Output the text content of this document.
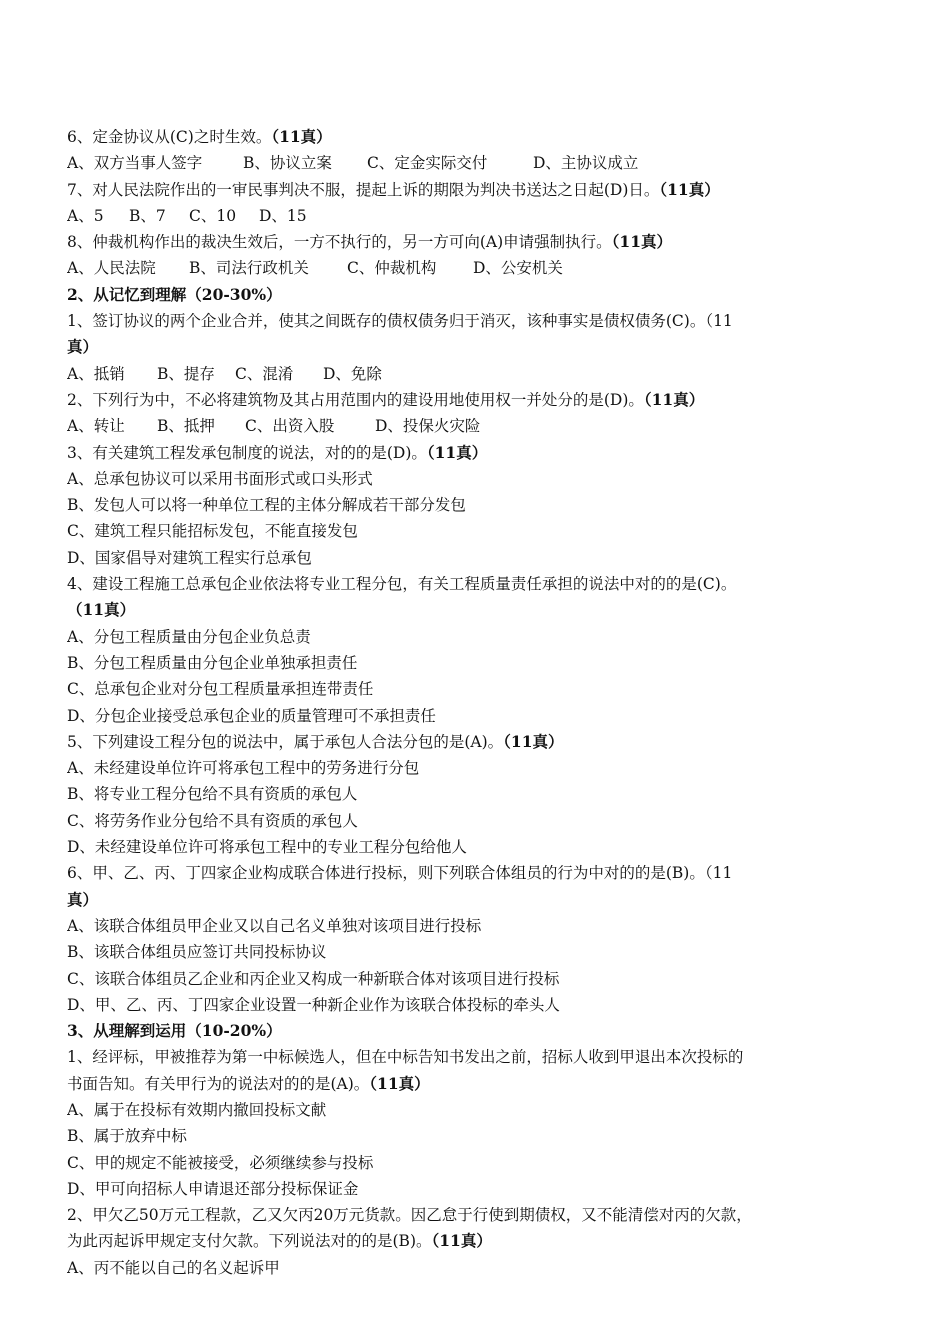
6、定金协议从(C)之时生效。（11真）
A、双方当事人签字	B、协议立案 C、定金实际交付	D、主协议成立
7、对人民法院作出的一审民事判决不服，提起上诉的期限为判决书送达之日起(D)日。（11真）
A、5 B、7 C、10 D、15
8、仲裁机构作出的裁决生效后，一方不执行的，另一方可向(A)申请强制执行。（11真）
A、人民法院 B、司法行政机关 C、仲裁机构 D、公安机关
2、从记忆到理解（20-30%）
1、签订协议的两个企业合并，使其之间既存的债权债务归于消灭，该种事实是债权债务(C)。（11
真）
A、抵销 B、提存 C、混淆 D、免除
2、下列行为中，不必将建筑物及其占用范围内的建设用地使用权一并处分的是(D)。（11真）
A、转让 B、抵押 C、出资入股	D、投保火灾险
3、有关建筑工程发承包制度的说法，对的的是(D)。（11真）
A、总承包协议可以采用书面形式或口头形式
B、发包人可以将一种单位工程的主体分解成若干部分发包
C、建筑工程只能招标发包，不能直接发包
D、国家倡导对建筑工程实行总承包
4、建设工程施工总承包企业依法将专业工程分包，有关工程质量责任承担的说法中对的的是(C)。
（11真）
A、分包工程质量由分包企业负总责
B、分包工程质量由分包企业单独承担责任
C、总承包企业对分包工程质量承担连带责任
D、分包企业接受总承包企业的质量管理可不承担责任
5、下列建设工程分包的说法中，属于承包人合法分包的是(A)。（11真）
A、未经建设单位许可将承包工程中的劳务进行分包
B、将专业工程分包给不具有资质的承包人
C、将劳务作业分包给不具有资质的承包人
D、未经建设单位许可将承包工程中的专业工程分包给他人
6、甲、乙、丙、丁四家企业构成联合体进行投标，则下列联合体组员的行为中对的的是(B)。（11
真）
A、该联合体组员甲企业又以自己名义单独对该项目进行投标
B、该联合体组员应签订共同投标协议
C、该联合体组员乙企业和丙企业又构成一种新联合体对该项目进行投标
D、甲、乙、丙、丁四家企业设置一种新企业作为该联合体投标的牵头人
3、从理解到运用（10-20%）
1、经评标，甲被推荐为第一中标候选人，但在中标告知书发出之前，招标人收到甲退出本次投标的
书面告知。有关甲行为的说法对的的是(A)。（11真）
A、属于在投标有效期内撤回投标文献
B、属于放弃中标
C、甲的规定不能被接受，必须继续参与投标
D、甲可向招标人申请退还部分投标保证金
2、甲欠乙50万元工程款，乙又欠丙20万元货款。因乙怠于行使到期债权，又不能清偿对丙的欠款，
为此丙起诉甲规定支付欠款。下列说法对的的是(B)。（11真）
A、丙不能以自己的名义起诉甲
